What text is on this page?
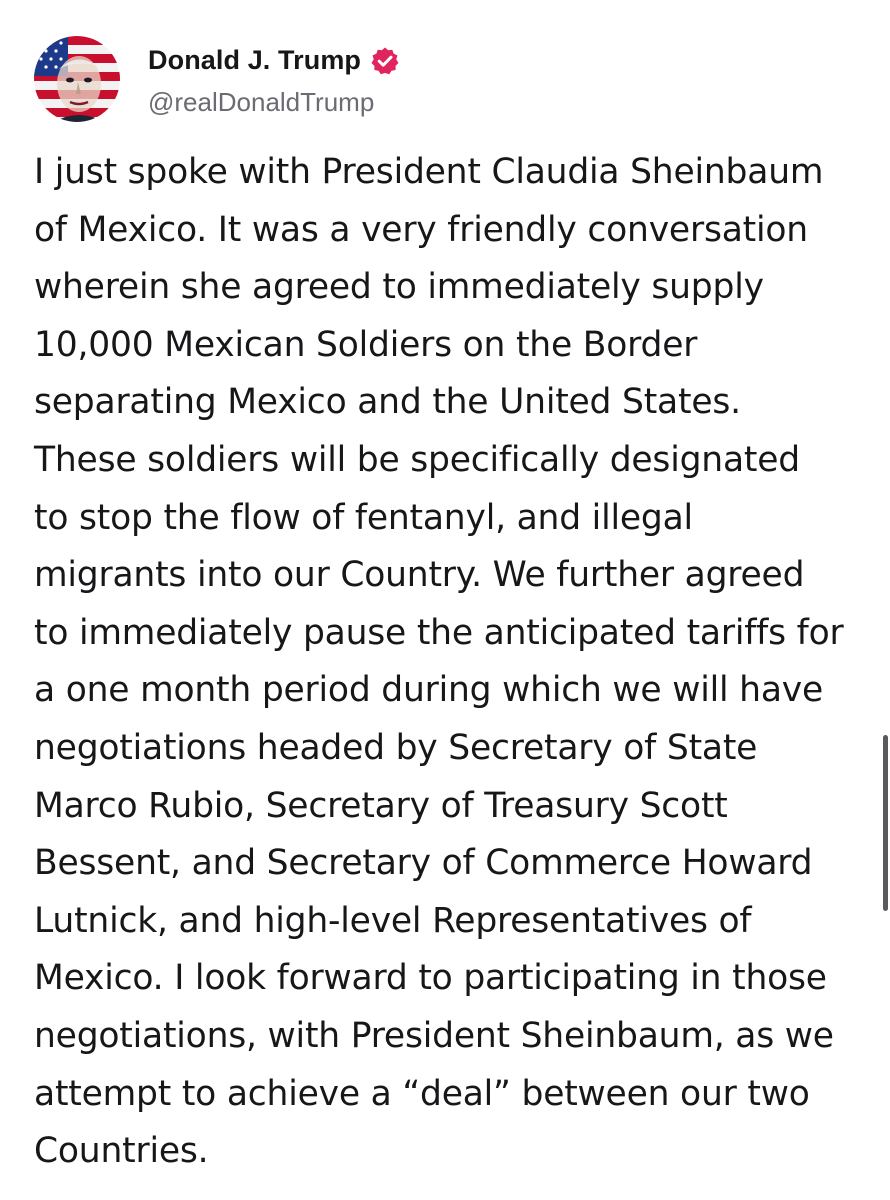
Donald J. Trump
@realDonaldTrump
I just spoke with President Claudia Sheinbaum
of Mexico. It was a very friendly conversation
wherein she agreed to immediately supply
10,000 Mexican Soldiers on the Border
separating Mexico and the United States.
These soldiers will be specifically designated
to stop the flow of fentanyl, and illegal
migrants into our Country. We further agreed
to immediately pause the anticipated tariffs for
a one month period during which we will have
negotiations headed by Secretary of State
Marco Rubio, Secretary of Treasury Scott
Bessent, and Secretary of Commerce Howard
Lutnick, and high-level Representatives of
Mexico. I look forward to participating in those
negotiations, with President Sheinbaum, as we
attempt to achieve a “deal” between our two
Countries.
